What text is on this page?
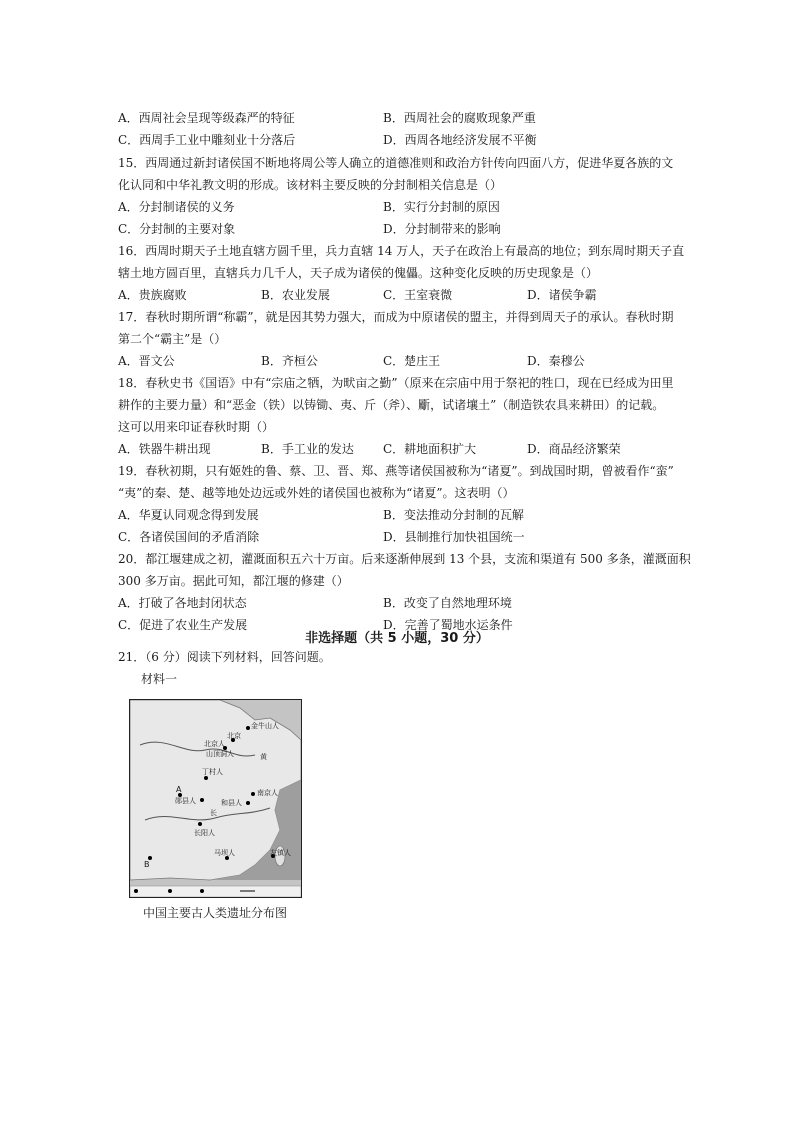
A．西周社会呈现等级森严的特征	B．西周社会的腐败现象严重
C．西周手工业中雕刻业十分落后	D．西周各地经济发展不平衡
15．西周通过新封诸侯国不断地将周公等人确立的道德准则和政治方针传向四面八方，促进华夏各族的文
化认同和中华礼教文明的形成。该材料主要反映的分封制相关信息是（）
A．分封制诸侯的义务	B．实行分封制的原因
C．分封制的主要对象	D．分封制带来的影响
16．西周时期天子土地直辖方圆千里，兵力直辖 14 万人，天子在政治上有最高的地位；到东周时期天子直
辖土地方圆百里，直辖兵力几千人，天子成为诸侯的傀儡。这种变化反映的历史现象是（）
A．贵族腐败	B．农业发展	C．王室衰微	D．诸侯争霸
17．春秋时期所谓“称霸”，就是因其势力强大，而成为中原诸侯的盟主，并得到周天子的承认。春秋时期
第二个“霸主”是（）
A．晋文公	B．齐桓公	C．楚庄王	D．秦穆公
18．春秋史书《国语》中有“宗庙之牺，为畎亩之勤”（原来在宗庙中用于祭祀的牲口，现在已经成为田里
耕作的主要力量）和“恶金（铁）以铸锄、夷、斤（斧）、斸，试诸壤土”（制造铁农具来耕田）的记载。
这可以用来印证春秋时期（）
A．铁器牛耕出现	B．手工业的发达 C．耕地面积扩大	D．商品经济繁荣
19．春秋初期，只有姬姓的鲁、蔡、卫、晋、郑、燕等诸侯国被称为“诸夏”。到战国时期，曾被看作“蛮”
“夷”的秦、楚、越等地处边远或外姓的诸侯国也被称为“诸夏”。这表明（）
A．华夏认同观念得到发展	B．变法推动分封制的瓦解
C．各诸侯国间的矛盾消除	D．县制推行加快祖国统一
20．都江堰建成之初，灌溉面积五六十万亩。后来逐渐伸展到 13 个县，支流和渠道有 500 多条，灌溉面积
300 多万亩。据此可知，都江堰的修建（）
A．打破了各地封闭状态	B．改变了自然地理环境
C．促进了农业生产发展	D．完善了蜀地水运条件
非选择题（共 5 小题，30 分）
21．（6 分）阅读下列材料，回答问题。
材料一
金牛山人
北京
北京人
山顶洞人
丁村人
A
郧县人	和县人
南京人
长阳人
马坝人	左镇人
B
黄
长
中国主要古人类遗址分布图
